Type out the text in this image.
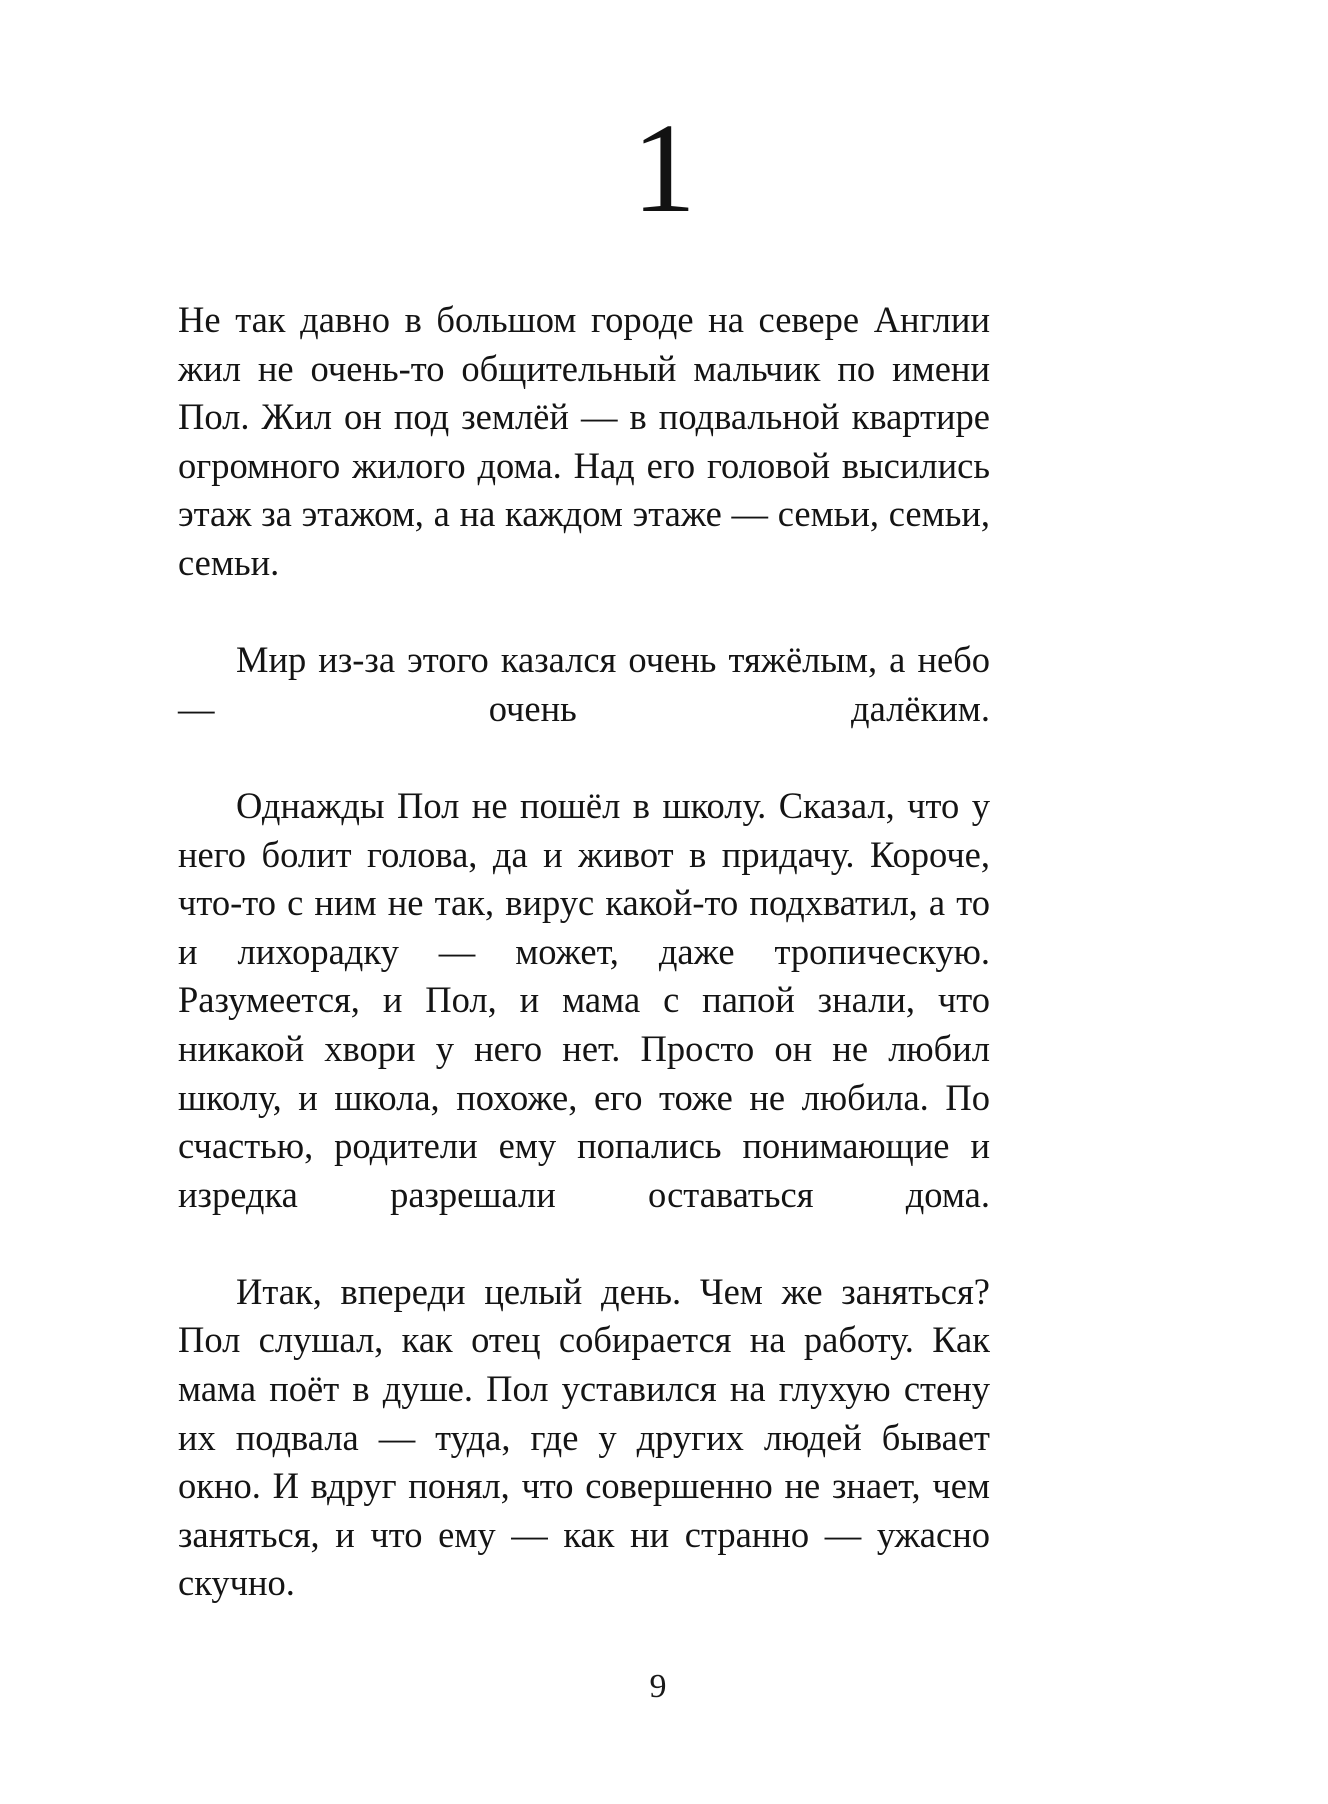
1

Не так давно в большом городе на севере Англии жил не очень-то общительный мальчик по имени Пол. Жил он под землёй — в подвальной квартире огромного жилого дома. Над его головой высились этаж за этажом, а на каждом этаже — семьи, семьи, семьи.

Мир из-за этого казался очень тяжёлым, а небо — очень далёким.

Однажды Пол не пошёл в школу. Сказал, что у него болит голова, да и живот в придачу. Короче, что-то с ним не так, вирус какой-то подхватил, а то и лихорадку — может, даже тропическую. Разумеется, и Пол, и мама с папой знали, что никакой хвори у него нет. Просто он не любил школу, и школа, похоже, его тоже не любила. По счастью, родители ему попались понимающие и изредка разрешали оставаться дома.

Итак, впереди целый день. Чем же заняться? Пол слушал, как отец собирается на работу. Как мама поёт в душе. Пол уставился на глухую стену их подвала — туда, где у других людей бывает окно. И вдруг понял, что совершенно не знает, чем заняться, и что ему — как ни странно — ужасно скучно.

9
